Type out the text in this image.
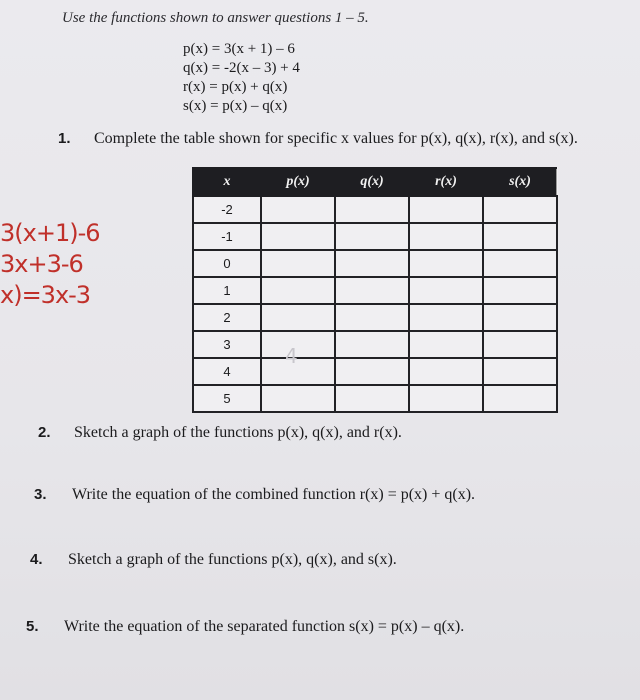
Use the functions shown to answer questions 1 – 5.
p(x) = 3(x + 1) – 6
q(x) = -2(x – 3) + 4
r(x) = p(x) + q(x)
s(x) = p(x) – q(x)
1. Complete the table shown for specific x values for p(x), q(x), r(x), and s(x).
x	p(x)	q(x)	r(x)	s(x)
-2				
-1				
0				
1				
2				
3				
4				
5				
4
3(x+1)-6
3x+3-6
x)=3x-3
2. Sketch a graph of the functions p(x), q(x), and r(x).
3. Write the equation of the combined function r(x) = p(x) + q(x).
4. Sketch a graph of the functions p(x), q(x), and s(x).
5. Write the equation of the separated function s(x) = p(x) – q(x).
